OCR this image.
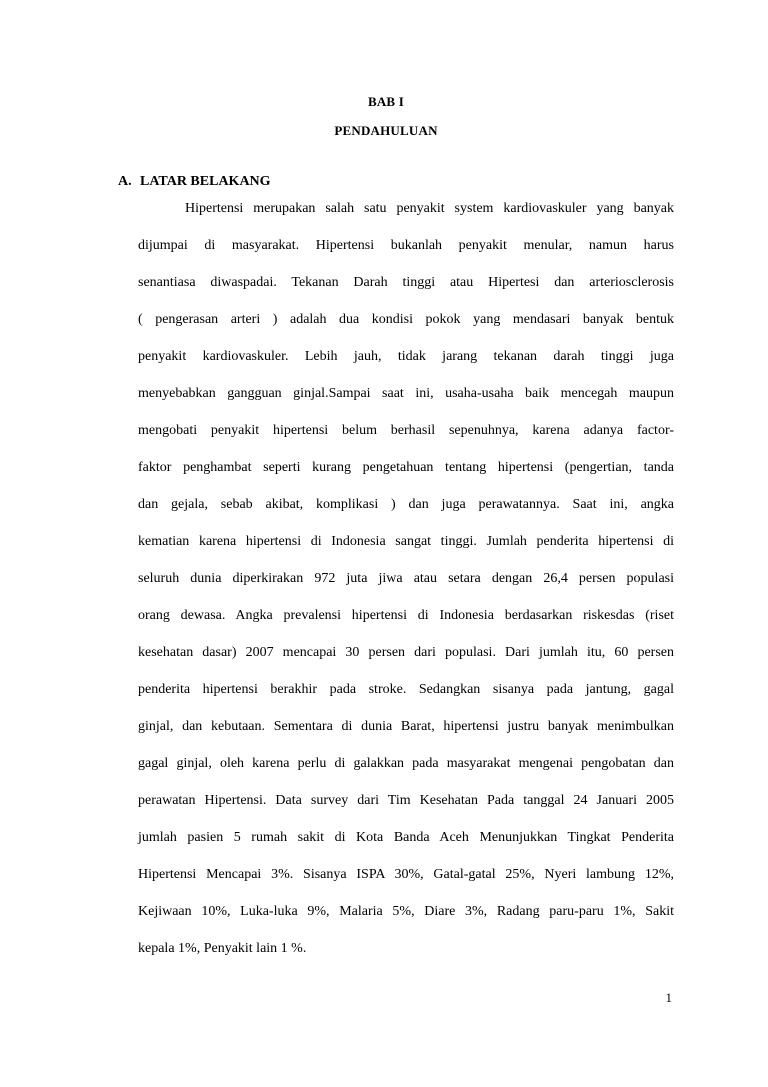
BAB I
PENDAHULUAN
A. LATAR BELAKANG
Hipertensi merupakan salah satu penyakit system kardiovaskuler yang banyak
dijumpai di masyarakat. Hipertensi bukanlah penyakit menular, namun harus
senantiasa diwaspadai. Tekanan Darah tinggi atau Hipertesi dan arteriosclerosis
( pengerasan arteri ) adalah dua kondisi pokok yang mendasari banyak bentuk
penyakit kardiovaskuler. Lebih jauh, tidak jarang tekanan darah tinggi juga
menyebabkan gangguan ginjal.Sampai saat ini, usaha-usaha baik mencegah maupun
mengobati penyakit hipertensi belum berhasil sepenuhnya, karena adanya factor-
faktor penghambat seperti kurang pengetahuan tentang hipertensi (pengertian, tanda
dan gejala, sebab akibat, komplikasi ) dan juga perawatannya. Saat ini, angka
kematian karena hipertensi di Indonesia sangat tinggi. Jumlah penderita hipertensi di
seluruh dunia diperkirakan 972 juta jiwa atau setara dengan 26,4 persen populasi
orang dewasa. Angka prevalensi hipertensi di Indonesia berdasarkan riskesdas (riset
kesehatan dasar) 2007 mencapai 30 persen dari populasi. Dari jumlah itu, 60 persen
penderita hipertensi berakhir pada stroke. Sedangkan sisanya pada jantung, gagal
ginjal, dan kebutaan. Sementara di dunia Barat, hipertensi justru banyak menimbulkan
gagal ginjal, oleh karena perlu di galakkan pada masyarakat mengenai pengobatan dan
perawatan Hipertensi. Data survey dari Tim Kesehatan Pada tanggal 24 Januari 2005
jumlah pasien 5 rumah sakit di Kota Banda Aceh Menunjukkan Tingkat Penderita
Hipertensi Mencapai 3%. Sisanya ISPA 30%, Gatal-gatal 25%, Nyeri lambung 12%,
Kejiwaan 10%, Luka-luka 9%, Malaria 5%, Diare 3%, Radang paru-paru 1%, Sakit
kepala 1%, Penyakit lain 1 %.
1
